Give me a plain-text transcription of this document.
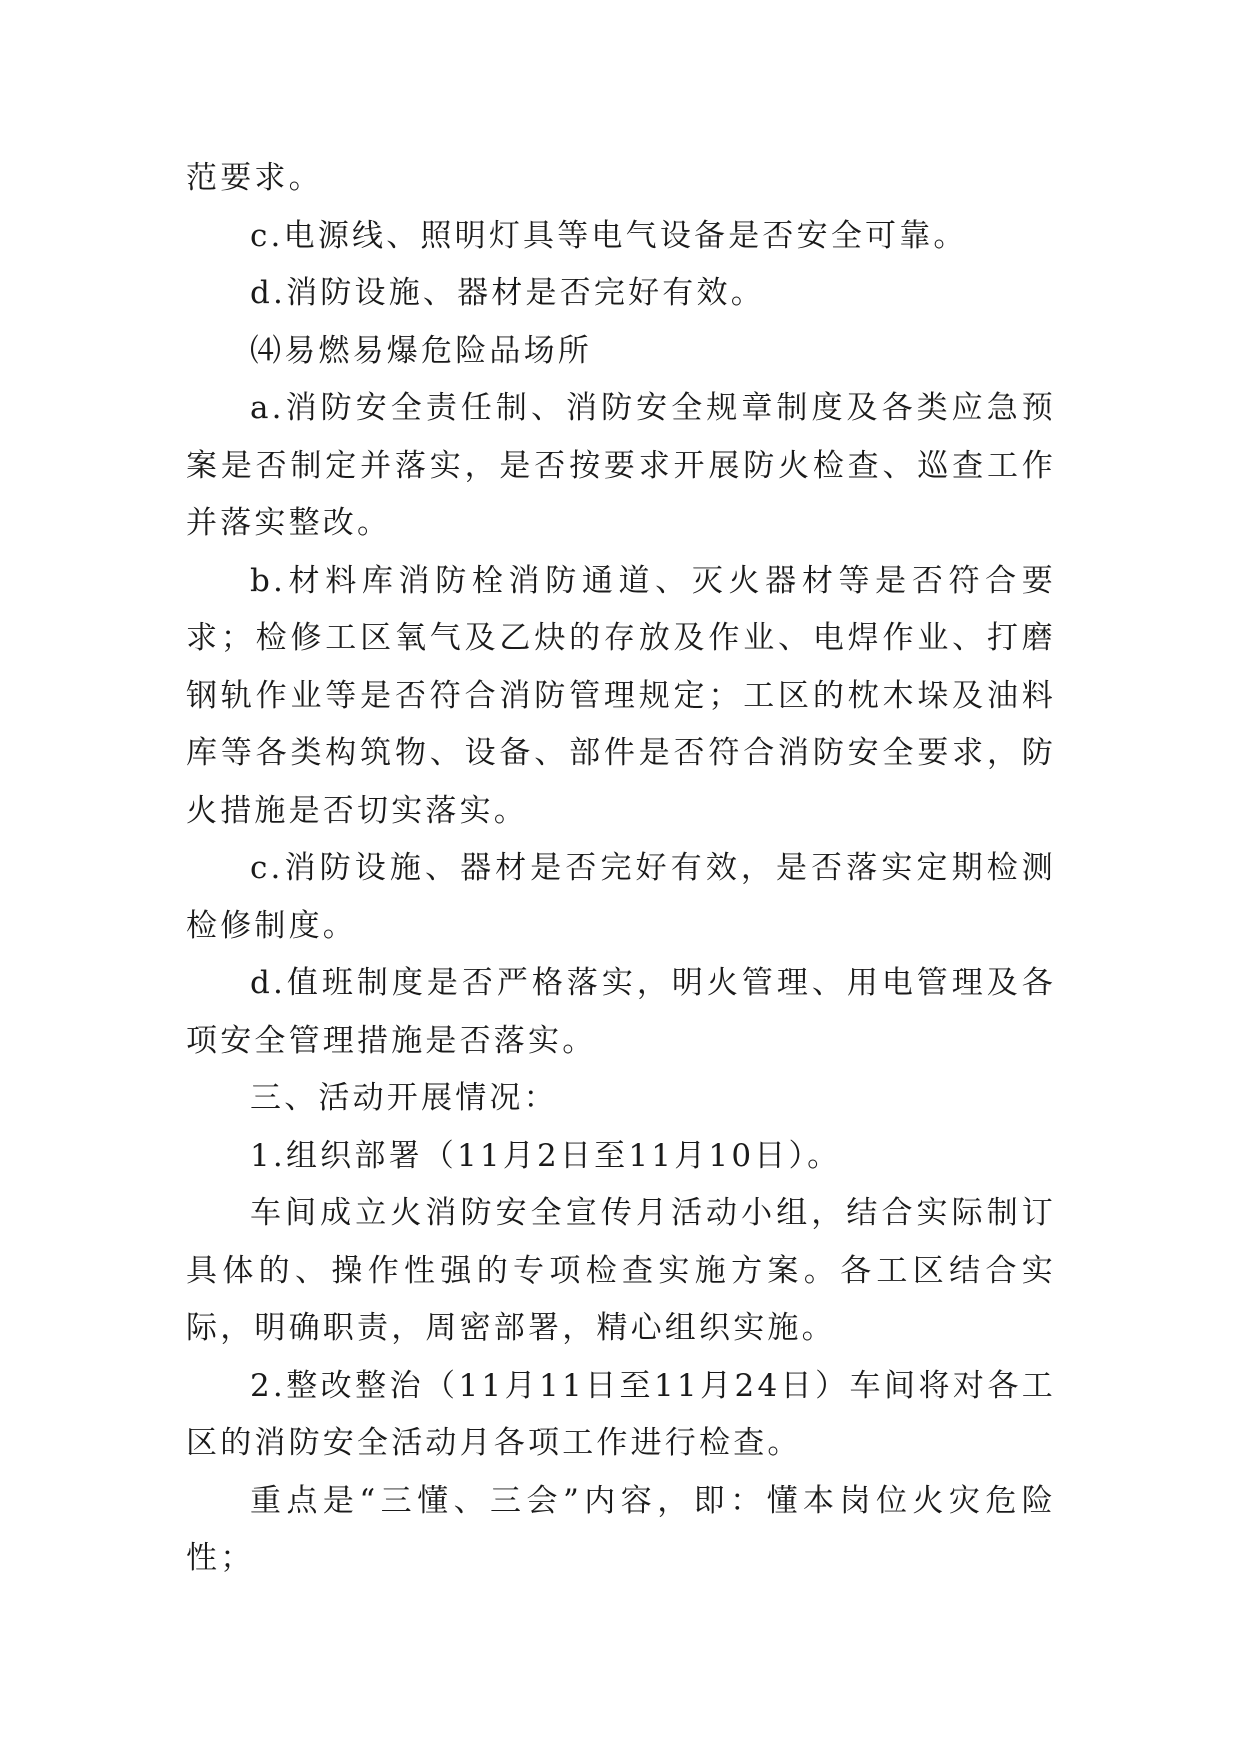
范要求。

c.电源线、照明灯具等电气设备是否安全可靠。

d.消防设施、器材是否完好有效。

⑷易燃易爆危险品场所

a.消防安全责任制、消防安全规章制度及各类应急预案是否制定并落实，是否按要求开展防火检查、巡查工作并落实整改。

b.材料库消防栓消防通道、灭火器材等是否符合要求；检修工区氧气及乙炔的存放及作业、电焊作业、打磨钢轨作业等是否符合消防管理规定；工区的枕木垛及油料库等各类构筑物、设备、部件是否符合消防安全要求，防火措施是否切实落实。

c.消防设施、器材是否完好有效，是否落实定期检测检修制度。

d.值班制度是否严格落实，明火管理、用电管理及各项安全管理措施是否落实。

三、活动开展情况：

1.组织部署（11月2日至11月10日）。

车间成立火消防安全宣传月活动小组，结合实际制订具体的、操作性强的专项检查实施方案。各工区结合实际，明确职责，周密部署，精心组织实施。

2.整改整治（11月11日至11月24日）车间将对各工区的消防安全活动月各项工作进行检查。

重点是“三懂、三会”内容，即：懂本岗位火灾危险性；
